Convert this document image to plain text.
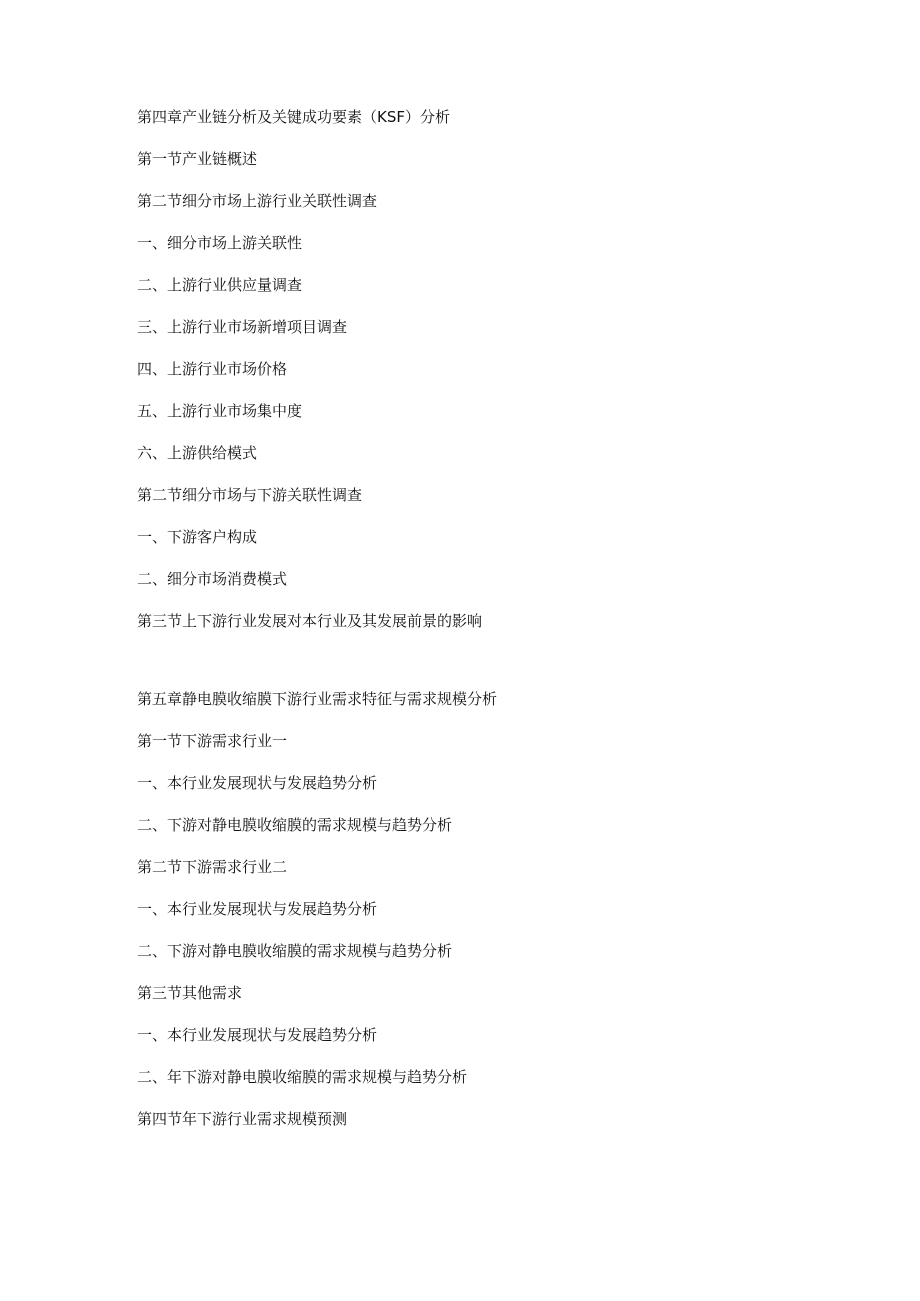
第四章产业链分析及关键成功要素（KSF）分析
第一节产业链概述
第二节细分市场上游行业关联性调查
一、细分市场上游关联性
二、上游行业供应量调查
三、上游行业市场新增项目调查
四、上游行业市场价格
五、上游行业市场集中度
六、上游供给模式
第二节细分市场与下游关联性调查
一、下游客户构成
二、细分市场消费模式
第三节上下游行业发展对本行业及其发展前景的影响
第五章静电膜收缩膜下游行业需求特征与需求规模分析
第一节下游需求行业一
一、本行业发展现状与发展趋势分析
二、下游对静电膜收缩膜的需求规模与趋势分析
第二节下游需求行业二
一、本行业发展现状与发展趋势分析
二、下游对静电膜收缩膜的需求规模与趋势分析
第三节其他需求
一、本行业发展现状与发展趋势分析
二、年下游对静电膜收缩膜的需求规模与趋势分析
第四节年下游行业需求规模预测
